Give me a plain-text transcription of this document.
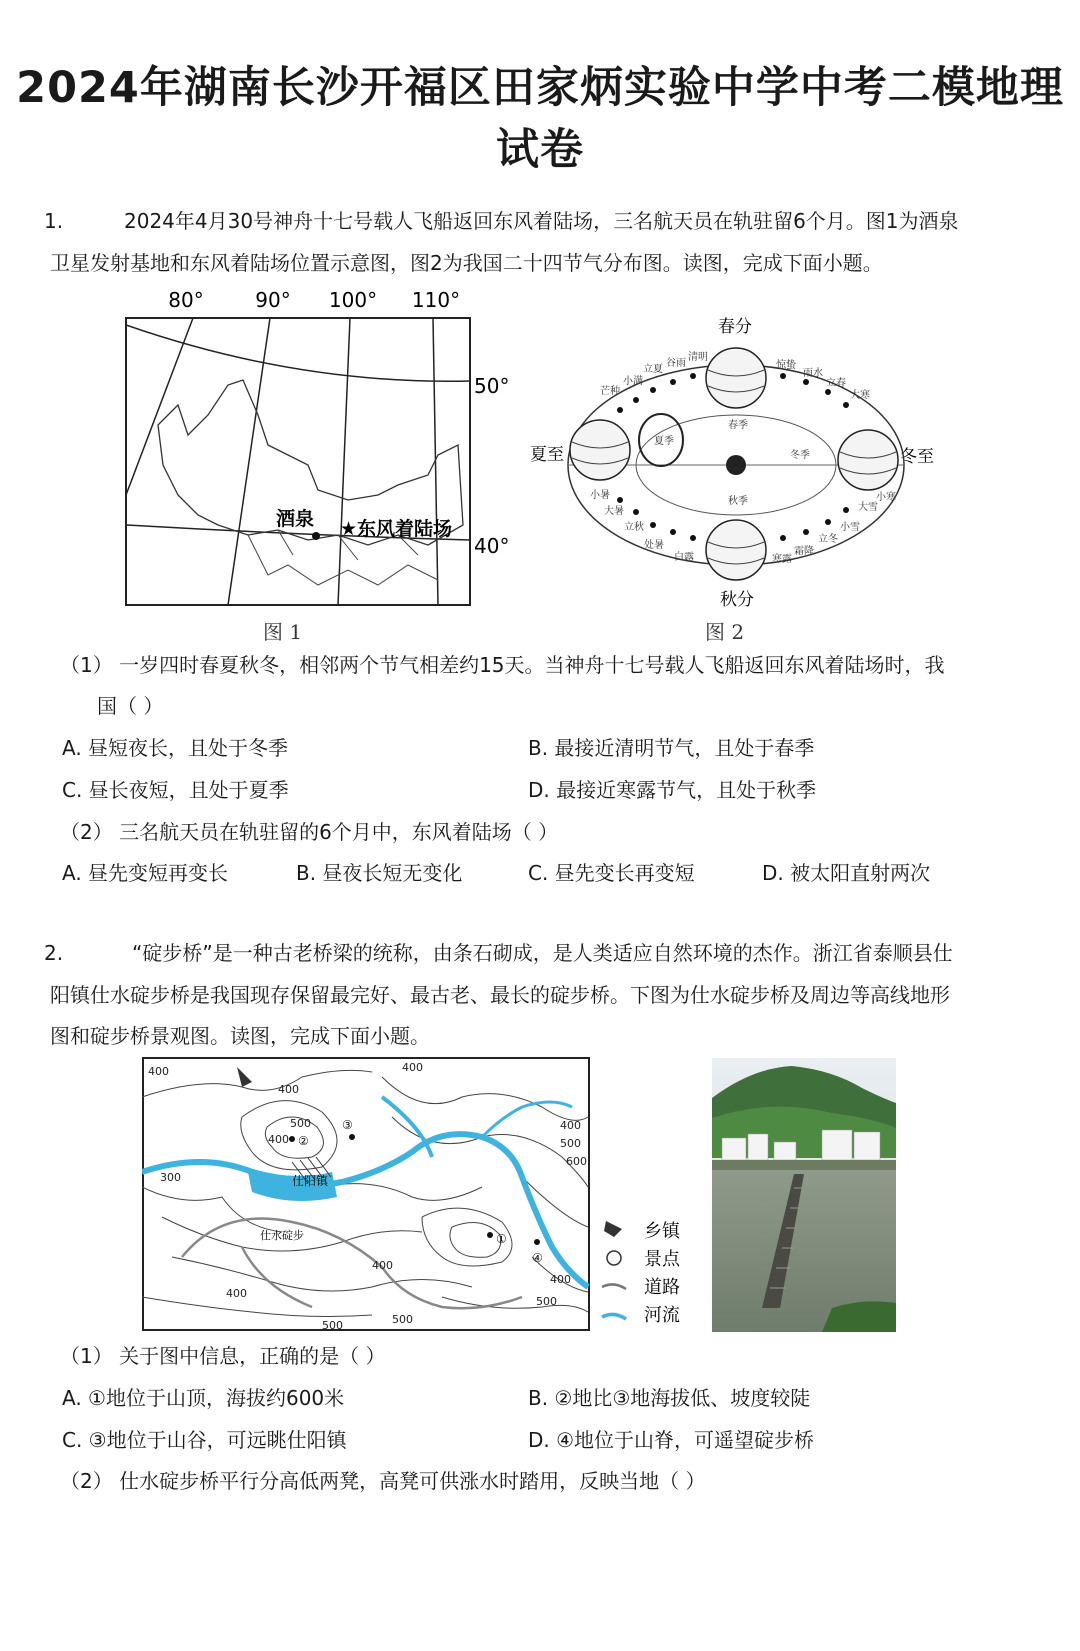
2024年湖南长沙开福区田家炳实验中学中考二模地理
试卷
1.	2024年4月30号神舟十七号载人飞船返回东风着陆场，三名航天员在轨驻留6个月。图1为酒泉
卫星发射基地和东风着陆场位置示意图，图2为我国二十四节气分布图。读图，完成下面小题。
80°	90° 100° 110°
50°
40°
酒泉 ★东风着陆场
图 1
春分
夏至
秋分
冬至
芒种
小满
立夏
谷雨
清明
惊蛰
雨水
立春
大寒
小暑
大暑
立秋
处暑
白露	寒露
霜降
立冬
小雪
大雪
小寒
春季
夏季
秋季
冬季
图 2
（1） 一岁四时春夏秋冬，相邻两个节气相差约15天。当神舟十七号载人飞船返回东风着陆场时，我
国（ ）
A. 昼短夜长，且处于冬季	B. 最接近清明节气，且处于春季
C. 昼长夜短，且处于夏季	D. 最接近寒露节气，且处于秋季
（2） 三名航天员在轨驻留的6个月中，东风着陆场（ ）
A. 昼先变短再变长	B. 昼夜长短无变化	C. 昼先变长再变短	D. 被太阳直射两次
2.	“碇步桥”是一种古老桥梁的统称，由条石砌成，是人类适应自然环境的杰作。浙江省泰顺县仕
阳镇仕水碇步桥是我国现存保留最完好、最古老、最长的碇步桥。下图为仕水碇步桥及周边等高线地形
图和碇步桥景观图。读图，完成下面小题。
②
③
①
④
400
400
400
500
400
300
400
500
600
400
400
500
500	500
400
仕阳镇
仕水碇步	乡镇
景点
道路
河流
（1） 关于图中信息，正确的是（ ）
A. ①地位于山顶，海拔约600米	B. ②地比③地海拔低、坡度较陡
C. ③地位于山谷，可远眺仕阳镇	D. ④地位于山脊，可遥望碇步桥
（2） 仕水碇步桥平行分高低两凳，高凳可供涨水时踏用，反映当地（ ）
